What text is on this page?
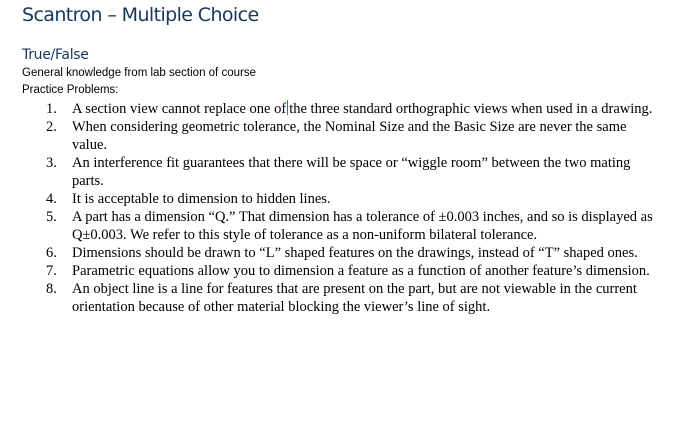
Scantron – Multiple Choice
True/False

General knowledge from lab section of course

Practice Problems:

1. A section view cannot replace one of the three standard orthographic views when used in a drawing.
2. When considering geometric tolerance, the Nominal Size and the Basic Size are never the same value.
3. An interference fit guarantees that there will be space or “wiggle room” between the two mating parts.
4. It is acceptable to dimension to hidden lines.
5. A part has a dimension “Q.” That dimension has a tolerance of ±0.003 inches, and so is displayed as Q±0.003. We refer to this style of tolerance as a non-uniform bilateral tolerance.
6. Dimensions should be drawn to “L” shaped features on the drawings, instead of “T” shaped ones.
7. Parametric equations allow you to dimension a feature as a function of another feature’s dimension.
8. An object line is a line for features that are present on the part, but are not viewable in the current orientation because of other material blocking the viewer’s line of sight.
